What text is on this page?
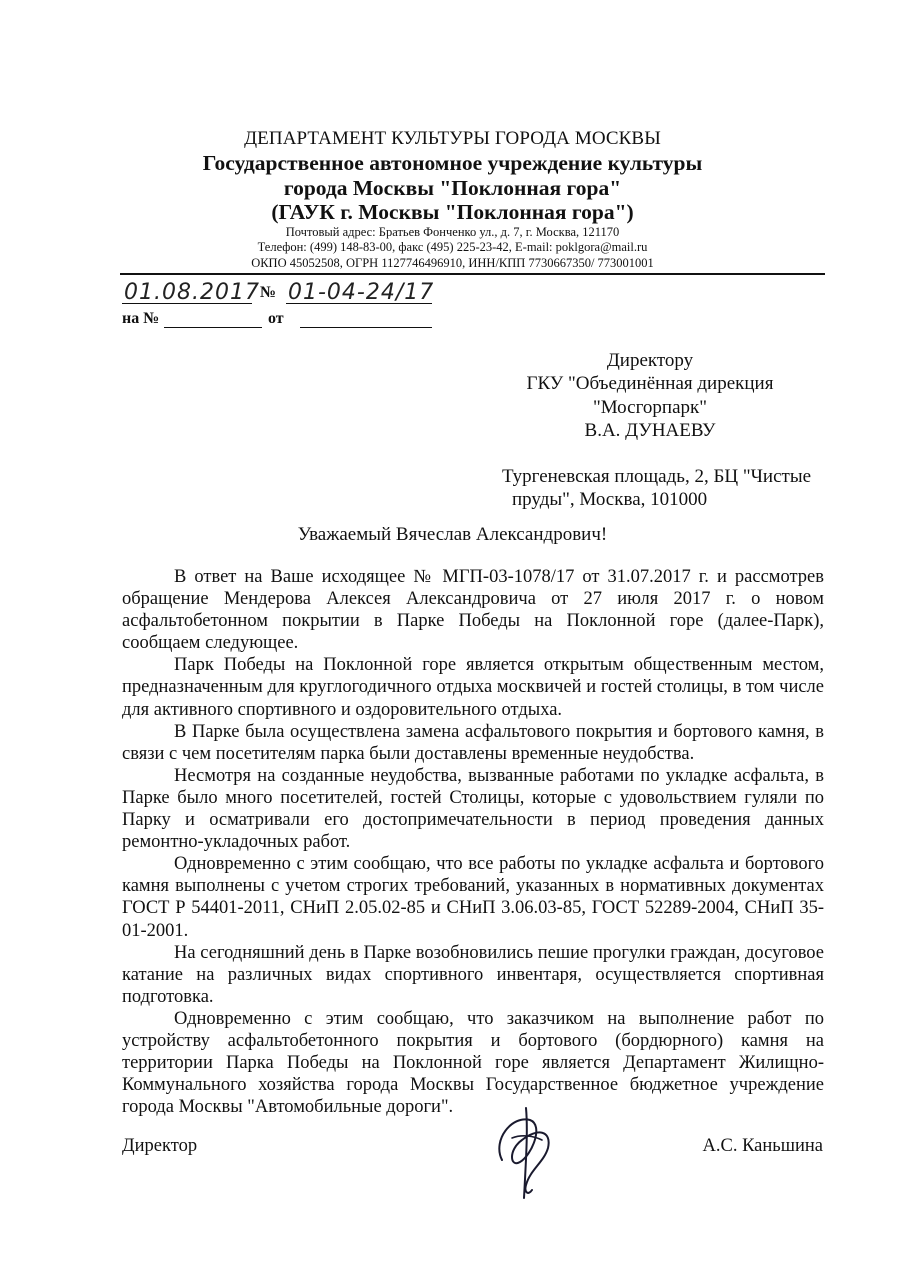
ДЕПАРТАМЕНТ КУЛЬТУРЫ ГОРОДА МОСКВЫ
Государственное автономное учреждение культуры
города Москвы "Поклонная гора"
(ГАУК г. Москвы "Поклонная гора")
Почтовый адрес: Братьев Фонченко ул., д. 7, г. Москва, 121170
Телефон: (499) 148-83-00, факс (495) 225-23-42, E-mail: poklgora@mail.ru
ОКПО 45052508, ОГРН 1127746496910, ИНН/КПП 7730667350/ 773001001
01.08.2017 № 01-04-24/17
на №	от
Директору
ГКУ "Объединённая дирекция
"Мосгорпарк"
В.А. ДУНАЕВУ
Тургеневская площадь, 2, БЦ "Чистые
пруды", Москва, 101000
Уважаемый Вячеслав Александрович!

В ответ на Ваше исходящее № МГП-03-1078/17 от 31.07.2017 г. и рассмотрев обращение Мендерова Алексея Александровича от 27 июля 2017 г. о новом асфальтобетонном покрытии в Парке Победы на Поклонной горе (далее-Парк), сообщаем следующее.

Парк Победы на Поклонной горе является открытым общественным местом, предназначенным для круглогодичного отдыха москвичей и гостей столицы, в том числе для активного спортивного и оздоровительного отдыха.

В Парке была осуществлена замена асфальтового покрытия и бортового камня, в связи с чем посетителям парка были доставлены временные неудобства.

Несмотря на созданные неудобства, вызванные работами по укладке асфальта, в Парке было много посетителей, гостей Столицы, которые с удовольствием гуляли по Парку и осматривали его достопримечательности в период проведения данных ремонтно-укладочных работ.

Одновременно с этим сообщаю, что все работы по укладке асфальта и бортового камня выполнены с учетом строгих требований, указанных в нормативных документах ГОСТ Р 54401-2011, СНиП 2.05.02-85 и СНиП 3.06.03-85, ГОСТ 52289-2004, СНиП 35-01-2001.

На сегодняшний день в Парке возобновились пешие прогулки граждан, досуговое катание на различных видах спортивного инвентаря, осуществляется спортивная подготовка.

Одновременно с этим сообщаю, что заказчиком на выполнение работ по устройству асфальтобетонного покрытия и бортового (бордюрного) камня на территории Парка Победы на Поклонной горе является Департамент Жилищно-Коммунального хозяйства города Москвы Государственное бюджетное учреждение города Москвы "Автомобильные дороги".

Директор	А.С. Каньшина
